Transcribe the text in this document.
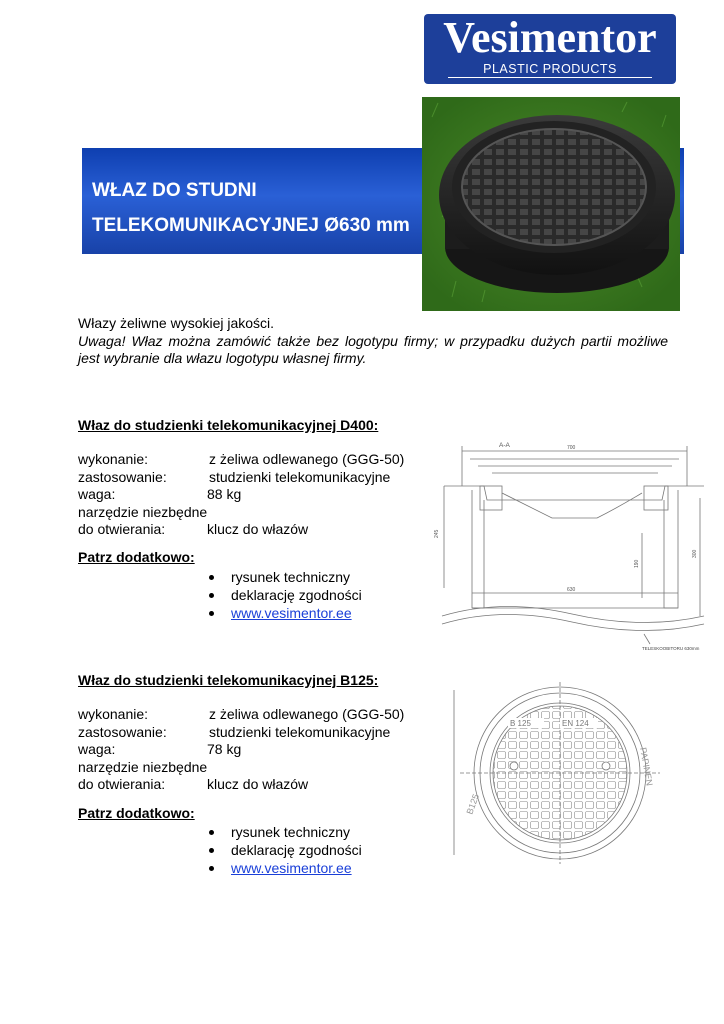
Vesimentor
PLASTIC PRODUCTS
WŁAZ DO STUDNI
TELEKOMUNIKACYJNEJ Ø630 mm
Włazy żeliwne wysokiej jakości.
Uwaga! Właz można zamówić także bez logotypu firmy; w przypadku dużych partii możliwe jest wybranie dla włazu logotypu własnej firmy.
Właz do studzienki telekomunikacyjnej D400:
wykonanie:	z żeliwa odlewanego (GGG-50)
zastosowanie:	studzienki telekomunikacyjne
waga:	88 kg
narzędzie niezbędne
do otwierania:	klucz do włazów
Patrz dodatkowo:
rysunek techniczny
deklarację zgodności
www.vesimentor.ee
A-A	700
245
190
300
630
TELESKOOBITORU 630mm
Właz do studzienki telekomunikacyjnej B125:
wykonanie:	z żeliwa odlewanego (GGG-50)
zastosowanie:	studzienki telekomunikacyjne
waga:	78 kg
narzędzie niezbędne
do otwierania:	klucz do włazów
Patrz dodatkowo:
rysunek techniczny
deklarację zgodności
www.vesimentor.ee
B 125	EN 124
B125
PAPINEN
